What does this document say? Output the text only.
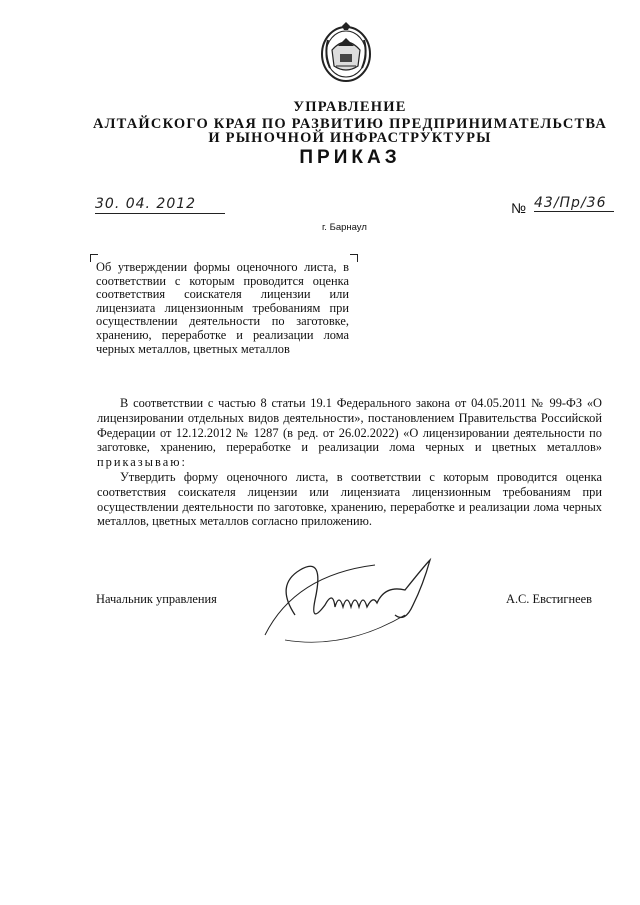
УПРАВЛЕНИЕ
АЛТАЙСКОГО КРАЯ ПО РАЗВИТИЮ ПРЕДПРИНИМАТЕЛЬСТВА
И РЫНОЧНОЙ ИНФРАСТРУКТУРЫ
ПРИКАЗ
30. 04. 2012	№ 43/Пр/36
г. Барнаул
Об утверждении формы оценочного листа, в соответствии с которым проводится оценка соответствия соискателя лицензии или лицензиата лицензионным требованиям при осуществлении деятельности по заготовке, хранению, переработке и реализации лома черных металлов, цветных металлов

В соответствии с частью 8 статьи 19.1 Федерального закона от 04.05.2011 № 99-ФЗ «О лицензировании отдельных видов деятельности», постановлением Правительства Российской Федерации от 12.12.2012 № 1287 (в ред. от 26.02.2022) «О лицензировании деятельности по заготовке, хранению, переработке и реализации лома черных и цветных металлов» приказываю:

Утвердить форму оценочного листа, в соответствии с которым проводится оценка соответствия соискателя лицензии или лицензиата лицензионным требованиям при осуществлении деятельности по заготовке, хранению, переработке и реализации лома черных металлов, цветных металлов согласно приложению.

Начальник управления	А.С. Евстигнеев
